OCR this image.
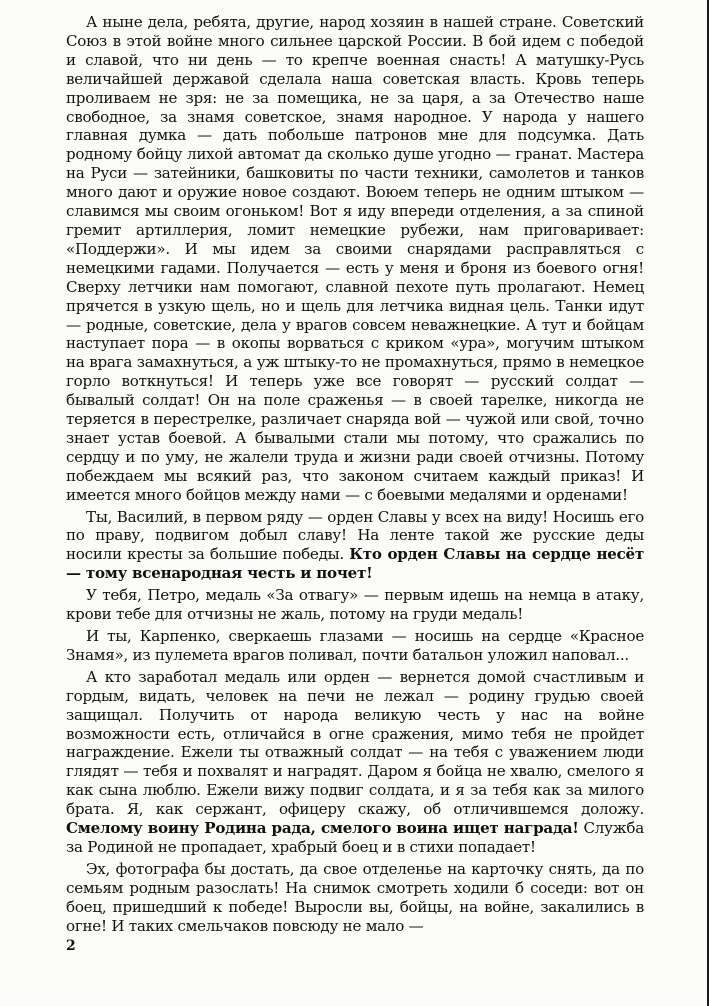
А ныне дела, ребята, другие, народ хозяин в нашей стране. Советский Союз в этой войне много сильнее царской России. В бой идем с победой и славой, что ни день — то крепче военная снасть! А матушку-Русь величайшей державой сделала наша советская власть. Кровь теперь проливаем не зря: не за помещика, не за царя, а за Отечество наше свободное, за знамя советское, знамя народное. У народа у нашего главная думка — дать побольше патронов мне для подсумка. Дать родному бойцу лихой автомат да сколько душе угодно — гранат. Мастера на Руси — затейники, башковиты по части техники, самолетов и танков много дают и оружие новое создают. Воюем теперь не одним штыком — славимся мы своим огоньком! Вот я иду впереди отделения, а за спиной гремит артиллерия, ломит немецкие рубежи, нам приговаривает: «Поддержи». И мы идем за своими снарядами расправляться с немецкими гадами. Получается — есть у меня и броня из боевого огня! Сверху летчики нам помогают, славной пехоте путь пролагают. Немец прячется в узкую щель, но и щель для летчика видная цель. Танки идут — родные, советские, дела у врагов совсем неважнецкие. А тут и бойцам наступает пора — в окопы ворваться с криком «ура», могучим штыком на врага замахнуться, а уж штыку-то не промахнуться, прямо в немецкое горло воткнуться! И теперь уже все говорят — русский солдат — бывалый солдат! Он на поле сраженья — в своей тарелке, никогда не теряется в перестрелке, различает снаряда вой — чужой или свой, точно знает устав боевой. А бывалыми стали мы потому, что сражались по сердцу и по уму, не жалели труда и жизни ради своей отчизны. Потому побеждаем мы всякий раз, что законом считаем каждый приказ! И имеется много бойцов между нами — с боевыми медалями и орденами!

Ты, Василий, в первом ряду — орден Славы у всех на виду! Носишь его по праву, подвигом добыл славу! На ленте такой же русские деды носили кресты за большие победы. Кто орден Славы на сердце несёт — тому всенародная честь и почет!

У тебя, Петро, медаль «За отвагу» — первым идешь на немца в атаку, крови тебе для отчизны не жаль, потому на груди медаль!

И ты, Карпенко, сверкаешь глазами — носишь на сердце «Красное Знамя», из пулемета врагов поливал, почти батальон уложил наповал...

А кто заработал медаль или орден — вернется домой счастливым и гордым, видать, человек на печи не лежал — родину грудью своей защищал. Получить от народа великую честь у нас на войне возможности есть, отличайся в огне сражения, мимо тебя не пройдет награждение. Ежели ты отважный солдат — на тебя с уважением люди глядят — тебя и похвалят и наградят. Даром я бойца не хвалю, смелого я как сына люблю. Ежели вижу подвиг солдата, и я за тебя как за милого брата. Я, как сержант, офицеру скажу, об отличившемся доложу. Смелому воину Родина рада, смелого воина ищет награда! Служба за Родиной не пропадает, храбрый боец и в стихи попадает!

Эх, фотографа бы достать, да свое отделенье на карточку снять, да по семьям родным разослать! На снимок смотреть ходили б соседи: вот он боец, пришедший к победе! Выросли вы, бойцы, на войне, закалились в огне! И таких смельчаков повсюду не мало —

2
